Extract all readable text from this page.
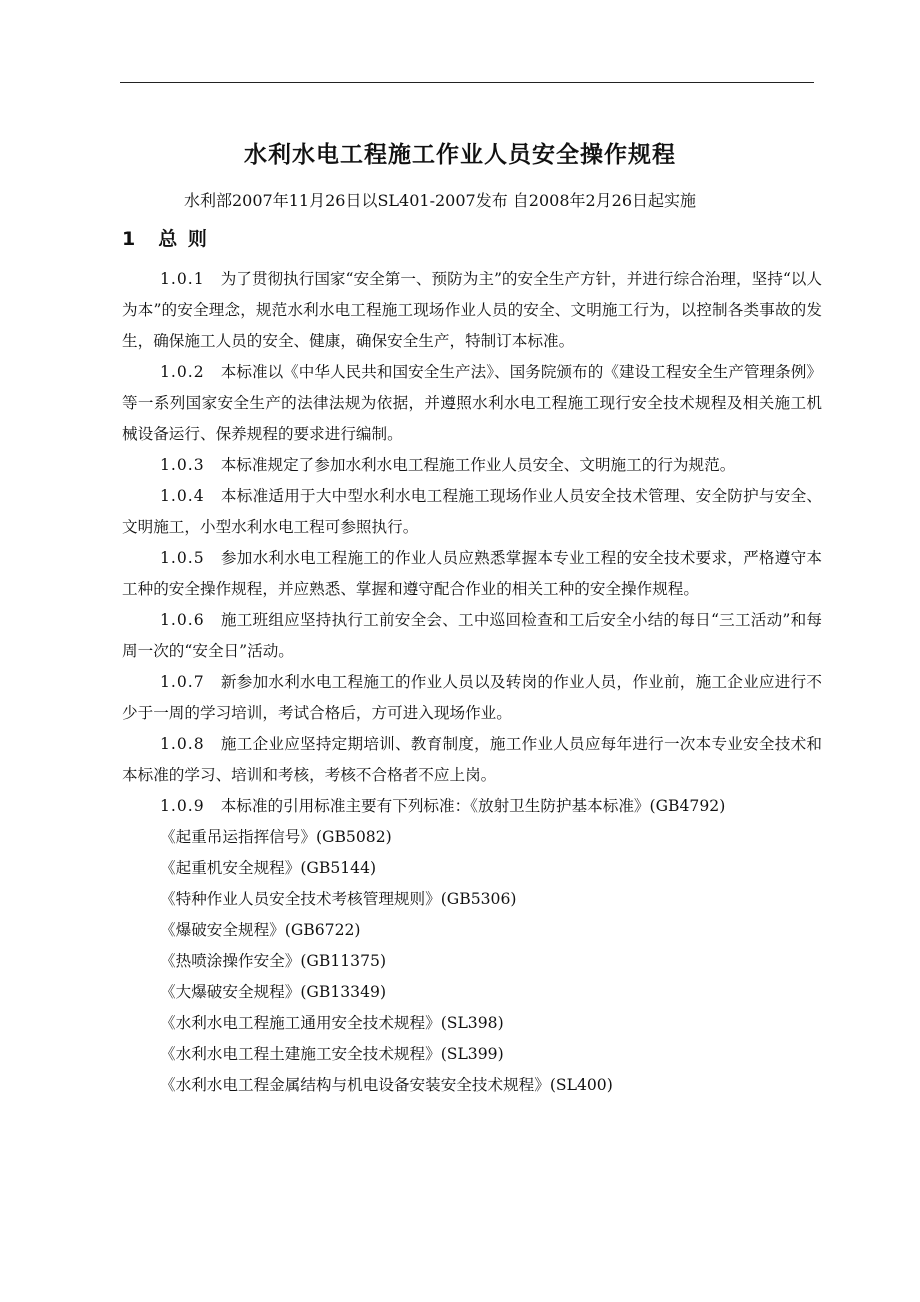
水利水电工程施工作业人员安全操作规程
水利部2007年11月26日以SL401-2007发布 自2008年2月26日起实施
1　总 则

1.0.1 为了贯彻执行国家“安全第一、预防为主”的安全生产方针，并进行综合治理，坚持“以人为本”的安全理念，规范水利水电工程施工现场作业人员的安全、文明施工行为，以控制各类事故的发生，确保施工人员的安全、健康，确保安全生产，特制订本标准。

1.0.2 本标准以《中华人民共和国安全生产法》、国务院颁布的《建设工程安全生产管理条例》等一系列国家安全生产的法律法规为依据，并遵照水利水电工程施工现行安全技术规程及相关施工机械设备运行、保养规程的要求进行编制。

1.0.3 本标准规定了参加水利水电工程施工作业人员安全、文明施工的行为规范。

1.0.4 本标准适用于大中型水利水电工程施工现场作业人员安全技术管理、安全防护与安全、文明施工，小型水利水电工程可参照执行。

1.0.5 参加水利水电工程施工的作业人员应熟悉掌握本专业工程的安全技术要求，严格遵守本工种的安全操作规程，并应熟悉、掌握和遵守配合作业的相关工种的安全操作规程。

1.0.6 施工班组应坚持执行工前安全会、工中巡回检查和工后安全小结的每日“三工活动”和每周一次的“安全日”活动。

1.0.7 新参加水利水电工程施工的作业人员以及转岗的作业人员，作业前，施工企业应进行不少于一周的学习培训，考试合格后，方可进入现场作业。

1.0.8 施工企业应坚持定期培训、教育制度，施工作业人员应每年进行一次本专业安全技术和本标准的学习、培训和考核，考核不合格者不应上岗。

1.0.9 本标准的引用标准主要有下列标准：《放射卫生防护基本标准》(GB4792)

《起重吊运指挥信号》(GB5082)

《起重机安全规程》(GB5144)

《特种作业人员安全技术考核管理规则》(GB5306)

《爆破安全规程》(GB6722)

《热喷涂操作安全》(GB11375)

《大爆破安全规程》(GB13349)

《水利水电工程施工通用安全技术规程》(SL398)

《水利水电工程土建施工安全技术规程》(SL399)

《水利水电工程金属结构与机电设备安装安全技术规程》(SL400)
